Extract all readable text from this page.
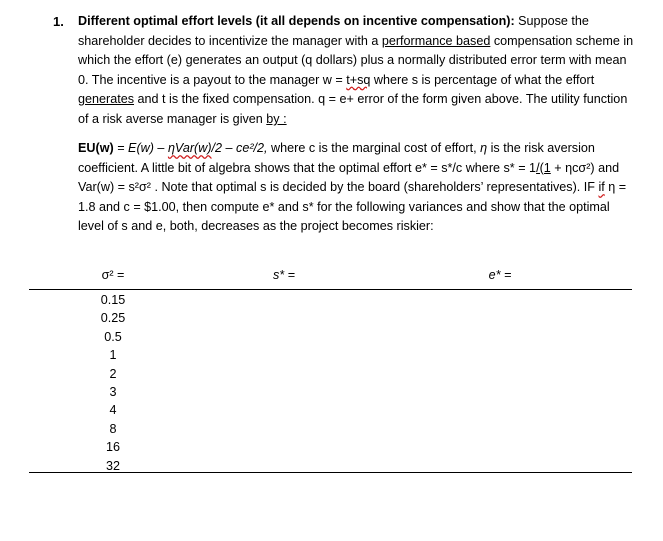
1. Different optimal effort levels (it all depends on incentive compensation): Suppose the shareholder decides to incentivize the manager with a performance based compensation scheme in which the effort (e) generates an output (q dollars) plus a normally distributed error term with mean 0. The incentive is a payout to the manager w = t+sq where s is percentage of what the effort generates and t is the fixed compensation. q = e+ error of the form given above. The utility function of a risk averse manager is given by :
EU(w) = E(w) – ηVar(w)/2 – ce²/2, where c is the marginal cost of effort, η is the risk aversion coefficient. A little bit of algebra shows that the optimal effort e* = s*/c where s* = 1/(1 + ηcσ²) and Var(w) = s²σ² . Note that optimal s is decided by the board (shareholders’ representatives). IF if η = 1.8 and c = $1.00, then compute e* and s* for the following variances and show that the optimal level of s and e, both, decreases as the project becomes riskier:
σ² =	s* =	e* =
0.15
0.25
0.5
1
2
3
4
8
16
32
